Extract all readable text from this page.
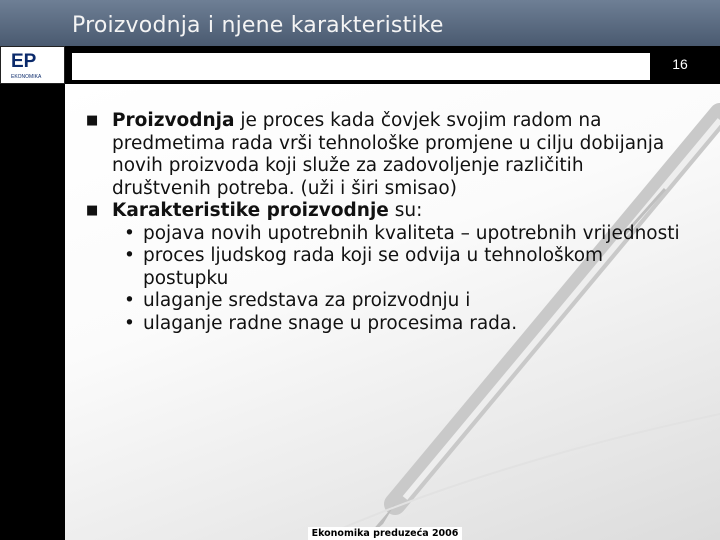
Proizvodnja i njene karakteristike
16
EP
EKONOMIKA
■ Proizvodnja je proces kada čovjek svojim radom na predmetima rada vrši tehnološke promjene u cilju dobijanja novih proizvoda koji služe za zadovoljenje različitih društvenih potreba. (uži i širi smisao)
■ Karakteristike proizvodnje su:
• pojava novih upotrebnih kvaliteta – upotrebnih vrijednosti
• proces ljudskog rada koji se odvija u tehnološkom postupku
• ulaganje sredstava za proizvodnju i
• ulaganje radne snage u procesima rada.
Ekonomika preduzeća 2006
